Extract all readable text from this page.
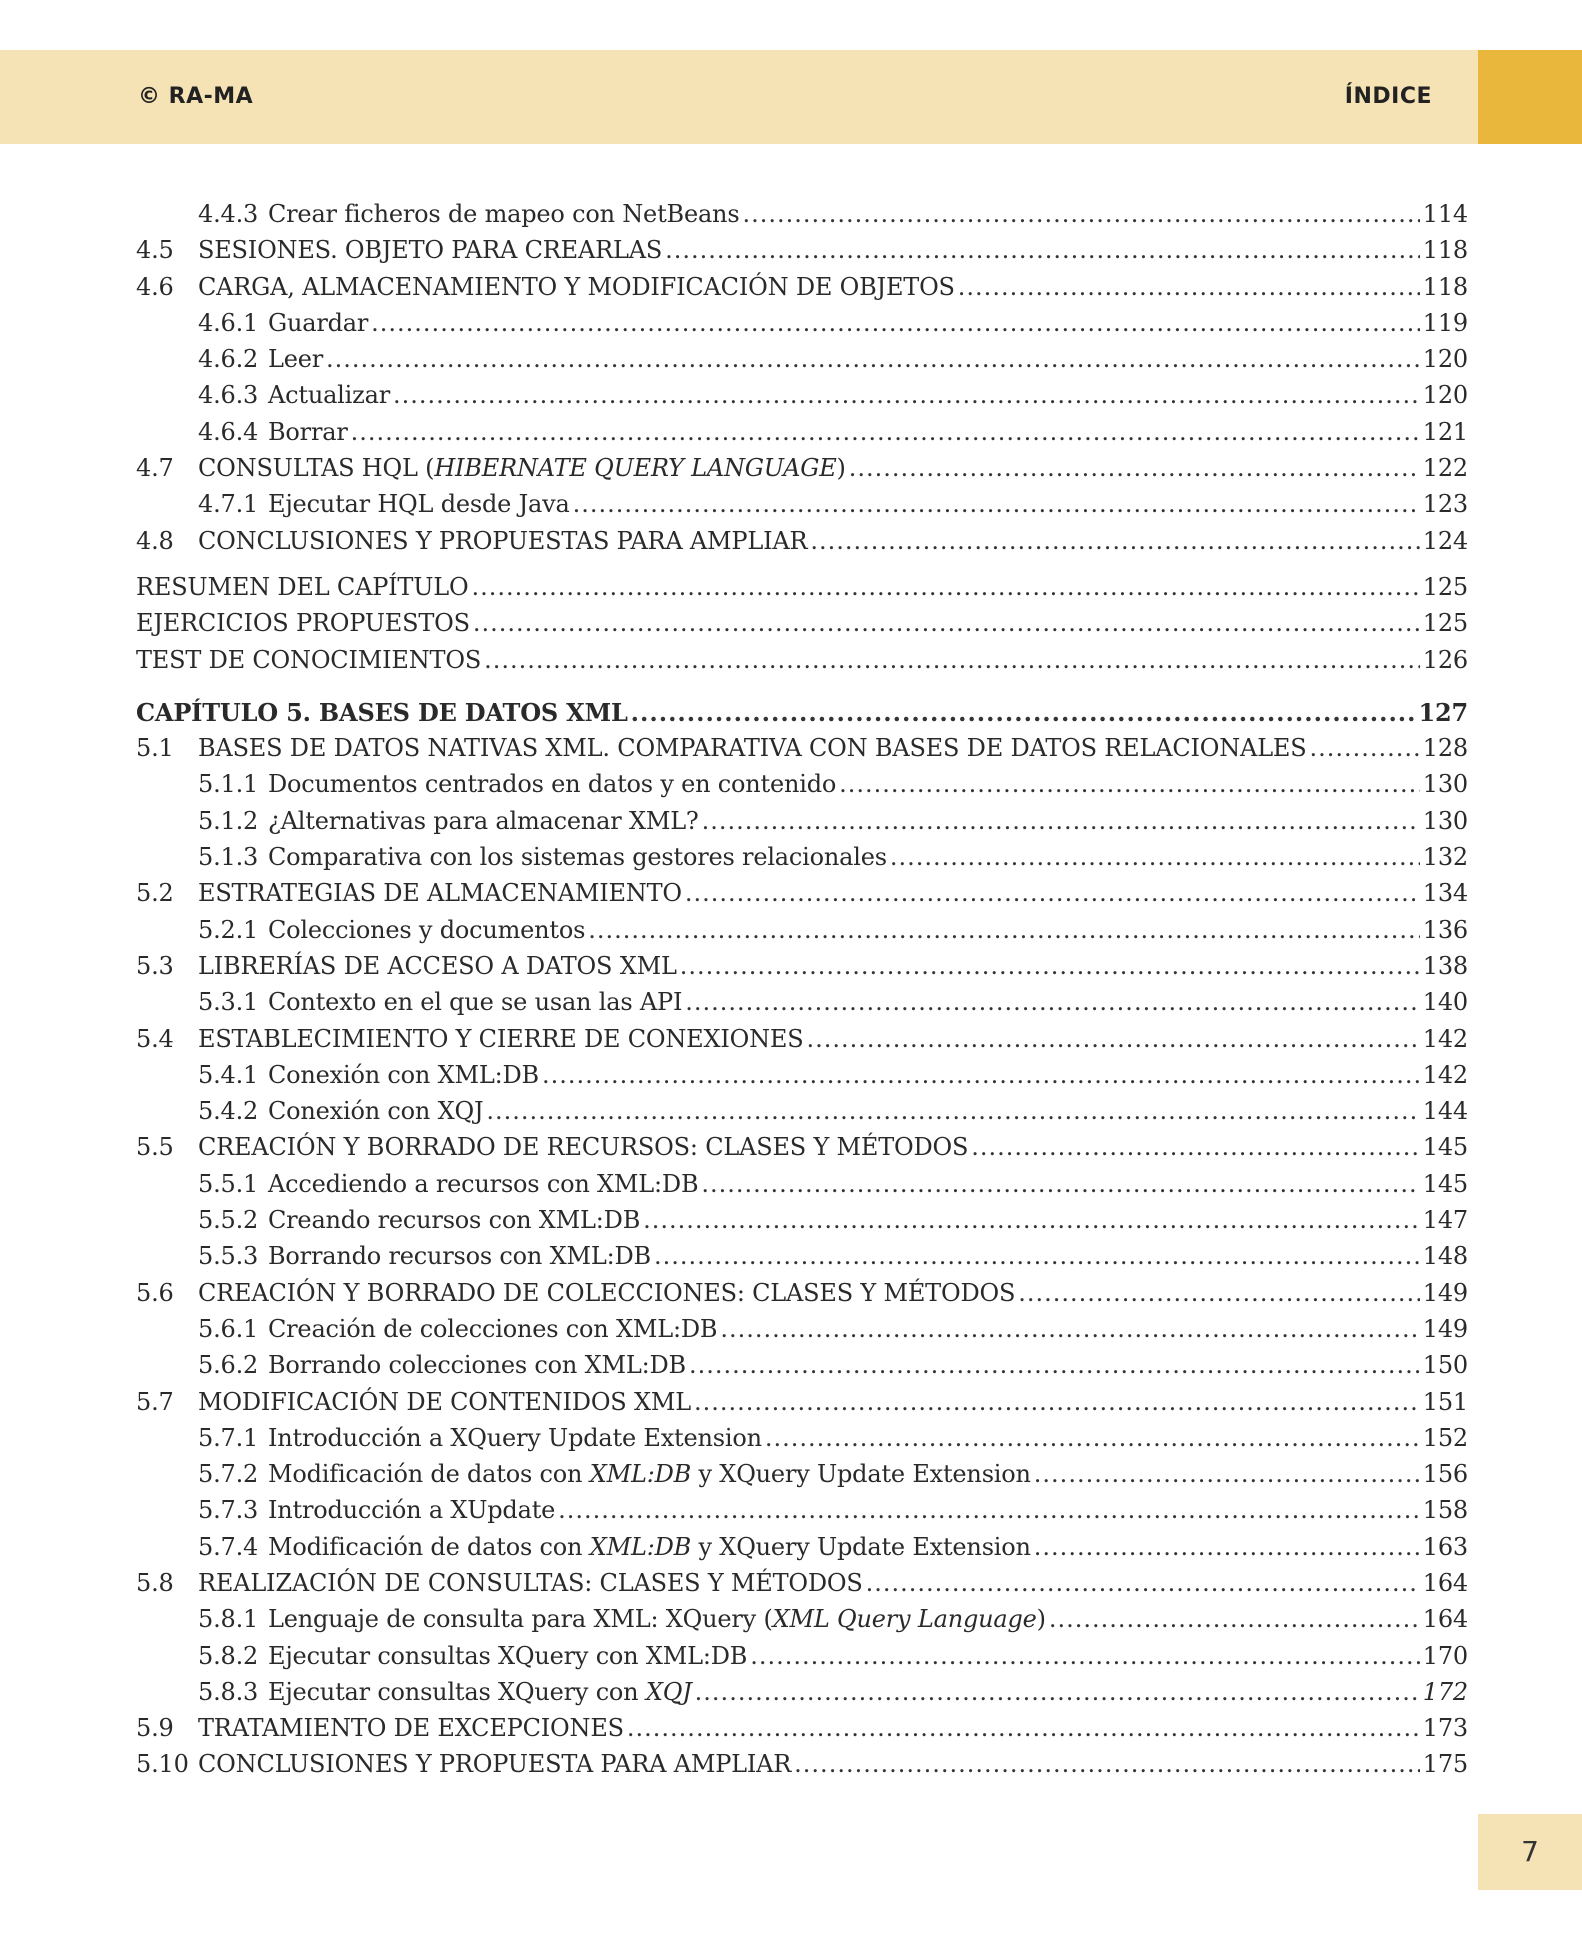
© RA-MA	ÍNDICE
4.4.3 Crear ficheros de mapeo con NetBeans .....	114
4.5	SESIONES. OBJETO PARA CREARLAS .....	118
4.6	CARGA, ALMACENAMIENTO Y MODIFICACIÓN DE OBJETOS .....	118
4.6.1 Guardar .....	119
4.6.2 Leer .....	120
4.6.3 Actualizar .....	120
4.6.4 Borrar .....	121
4.7	CONSULTAS HQL (HIBERNATE QUERY LANGUAGE) .....	122
4.7.1 Ejecutar HQL desde Java .....	123
4.8	CONCLUSIONES Y PROPUESTAS PARA AMPLIAR .....	124
RESUMEN DEL CAPÍTULO .....	125
EJERCICIOS PROPUESTOS .....	125
TEST DE CONOCIMIENTOS .....	126
CAPÍTULO 5. BASES DE DATOS XML .....	127
5.1	BASES DE DATOS NATIVAS XML. COMPARATIVA CON BASES DE DATOS RELACIONALES .....	128
5.1.1 Documentos centrados en datos y en contenido .....	130
5.1.2 ¿Alternativas para almacenar XML? .....	130
5.1.3 Comparativa con los sistemas gestores relacionales .....	132
5.2	ESTRATEGIAS DE ALMACENAMIENTO .....	134
5.2.1 Colecciones y documentos .....	136
5.3	LIBRERÍAS DE ACCESO A DATOS XML .....	138
5.3.1 Contexto en el que se usan las API .....	140
5.4	ESTABLECIMIENTO Y CIERRE DE CONEXIONES .....	142
5.4.1 Conexión con XML:DB .....	142
5.4.2 Conexión con XQJ .....	144
5.5	CREACIÓN Y BORRADO DE RECURSOS: CLASES Y MÉTODOS .....	145
5.5.1 Accediendo a recursos con XML:DB .....	145
5.5.2 Creando recursos con XML:DB .....	147
5.5.3 Borrando recursos con XML:DB .....	148
5.6	CREACIÓN Y BORRADO DE COLECCIONES: CLASES Y MÉTODOS .....	149
5.6.1 Creación de colecciones con XML:DB .....	149
5.6.2 Borrando colecciones con XML:DB .....	150
5.7	MODIFICACIÓN DE CONTENIDOS XML .....	151
5.7.1 Introducción a XQuery Update Extension .....	152
5.7.2 Modificación de datos con XML:DB y XQuery Update Extension .....	156
5.7.3 Introducción a XUpdate .....	158
5.7.4 Modificación de datos con XML:DB y XQuery Update Extension .....	163
5.8	REALIZACIÓN DE CONSULTAS: CLASES Y MÉTODOS .....	164
5.8.1 Lenguaje de consulta para XML: XQuery (XML Query Language) .....	164
5.8.2 Ejecutar consultas XQuery con XML:DB .....	170
5.8.3 Ejecutar consultas XQuery con XQJ .....	172
5.9	TRATAMIENTO DE EXCEPCIONES .....	173
5.10 CONCLUSIONES Y PROPUESTA PARA AMPLIAR .....	175
7
